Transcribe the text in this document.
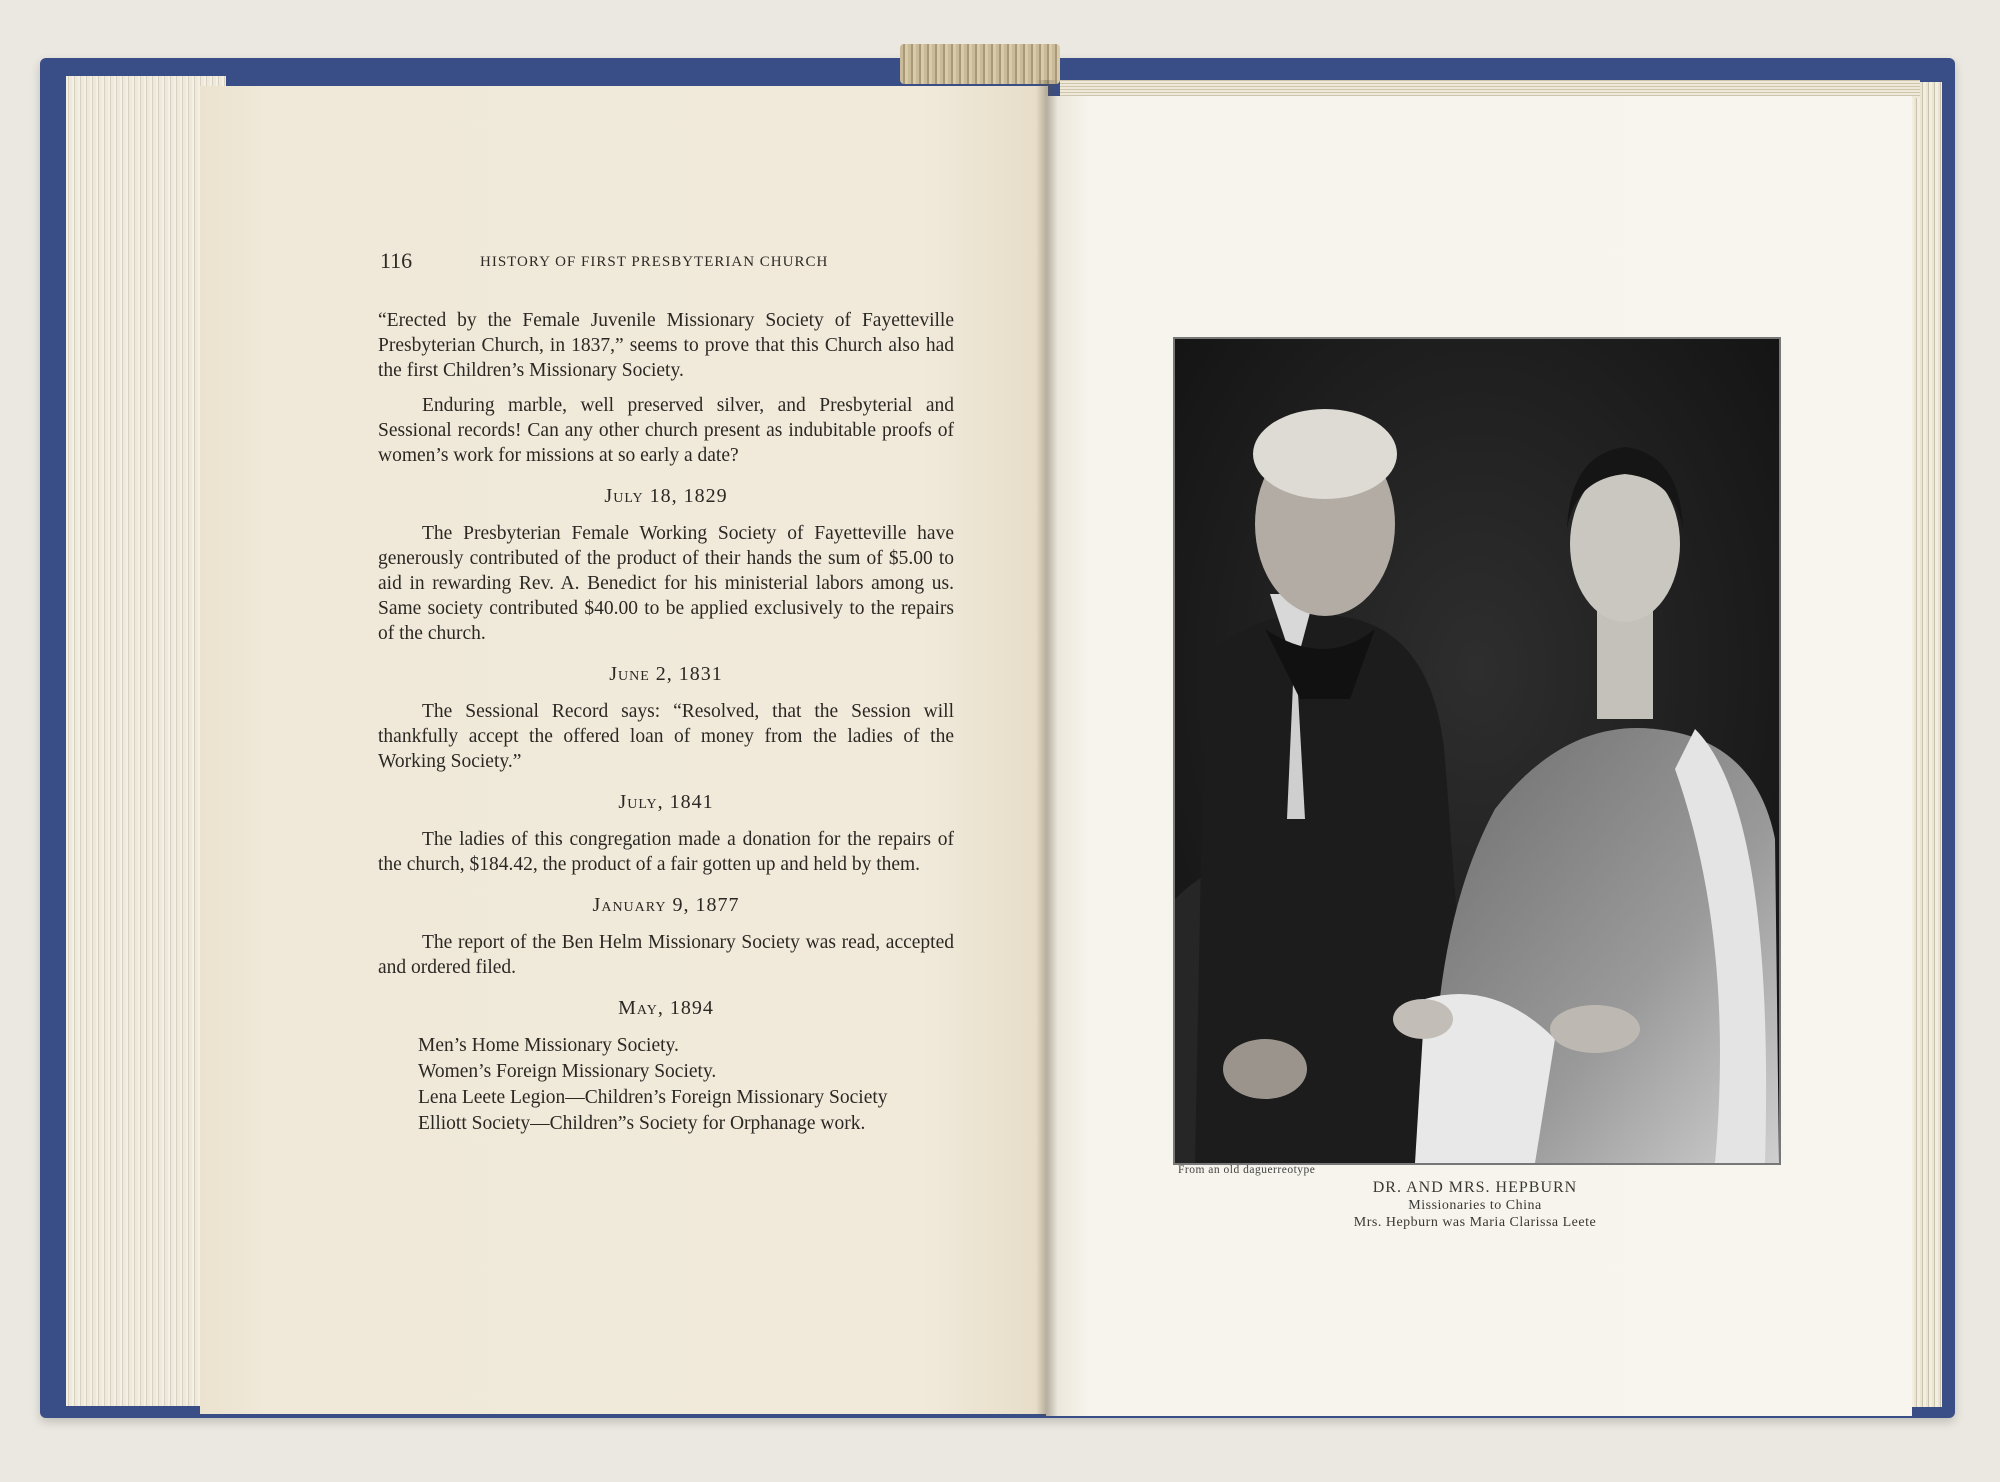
116	HISTORY OF FIRST PRESBYTERIAN CHURCH

“Erected by the Female Juvenile Missionary Society of Fayetteville Presbyterian Church, in 1837,” seems to prove that this Church also had the first Children’s Missionary Society.

Enduring marble, well preserved silver, and Presbyterial and Sessional records! Can any other church present as indubitable proofs of women’s work for missions at so early a date?

July 18, 1829

The Presbyterian Female Working Society of Fayetteville have generously contributed of the product of their hands the sum of $5.00 to aid in rewarding Rev. A. Benedict for his ministerial labors among us. Same society contributed $40.00 to be applied exclusively to the repairs of the church.

June 2, 1831

The Sessional Record says: “Resolved, that the Session will thankfully accept the offered loan of money from the ladies of the Working Society.”

July, 1841

The ladies of this congregation made a donation for the repairs of the church, $184.42, the product of a fair gotten up and held by them.

January 9, 1877

The report of the Ben Helm Missionary Society was read, accepted and ordered filed.

May, 1894
Men’s Home Missionary Society.
Women’s Foreign Missionary Society.
Lena Leete Legion—Children’s Foreign Missionary Society
Elliott Society—Children”s Society for Orphanage work.
From an old daguerreotype
DR. AND MRS. HEPBURN
Missionaries to China
Mrs. Hepburn was Maria Clarissa Leete
